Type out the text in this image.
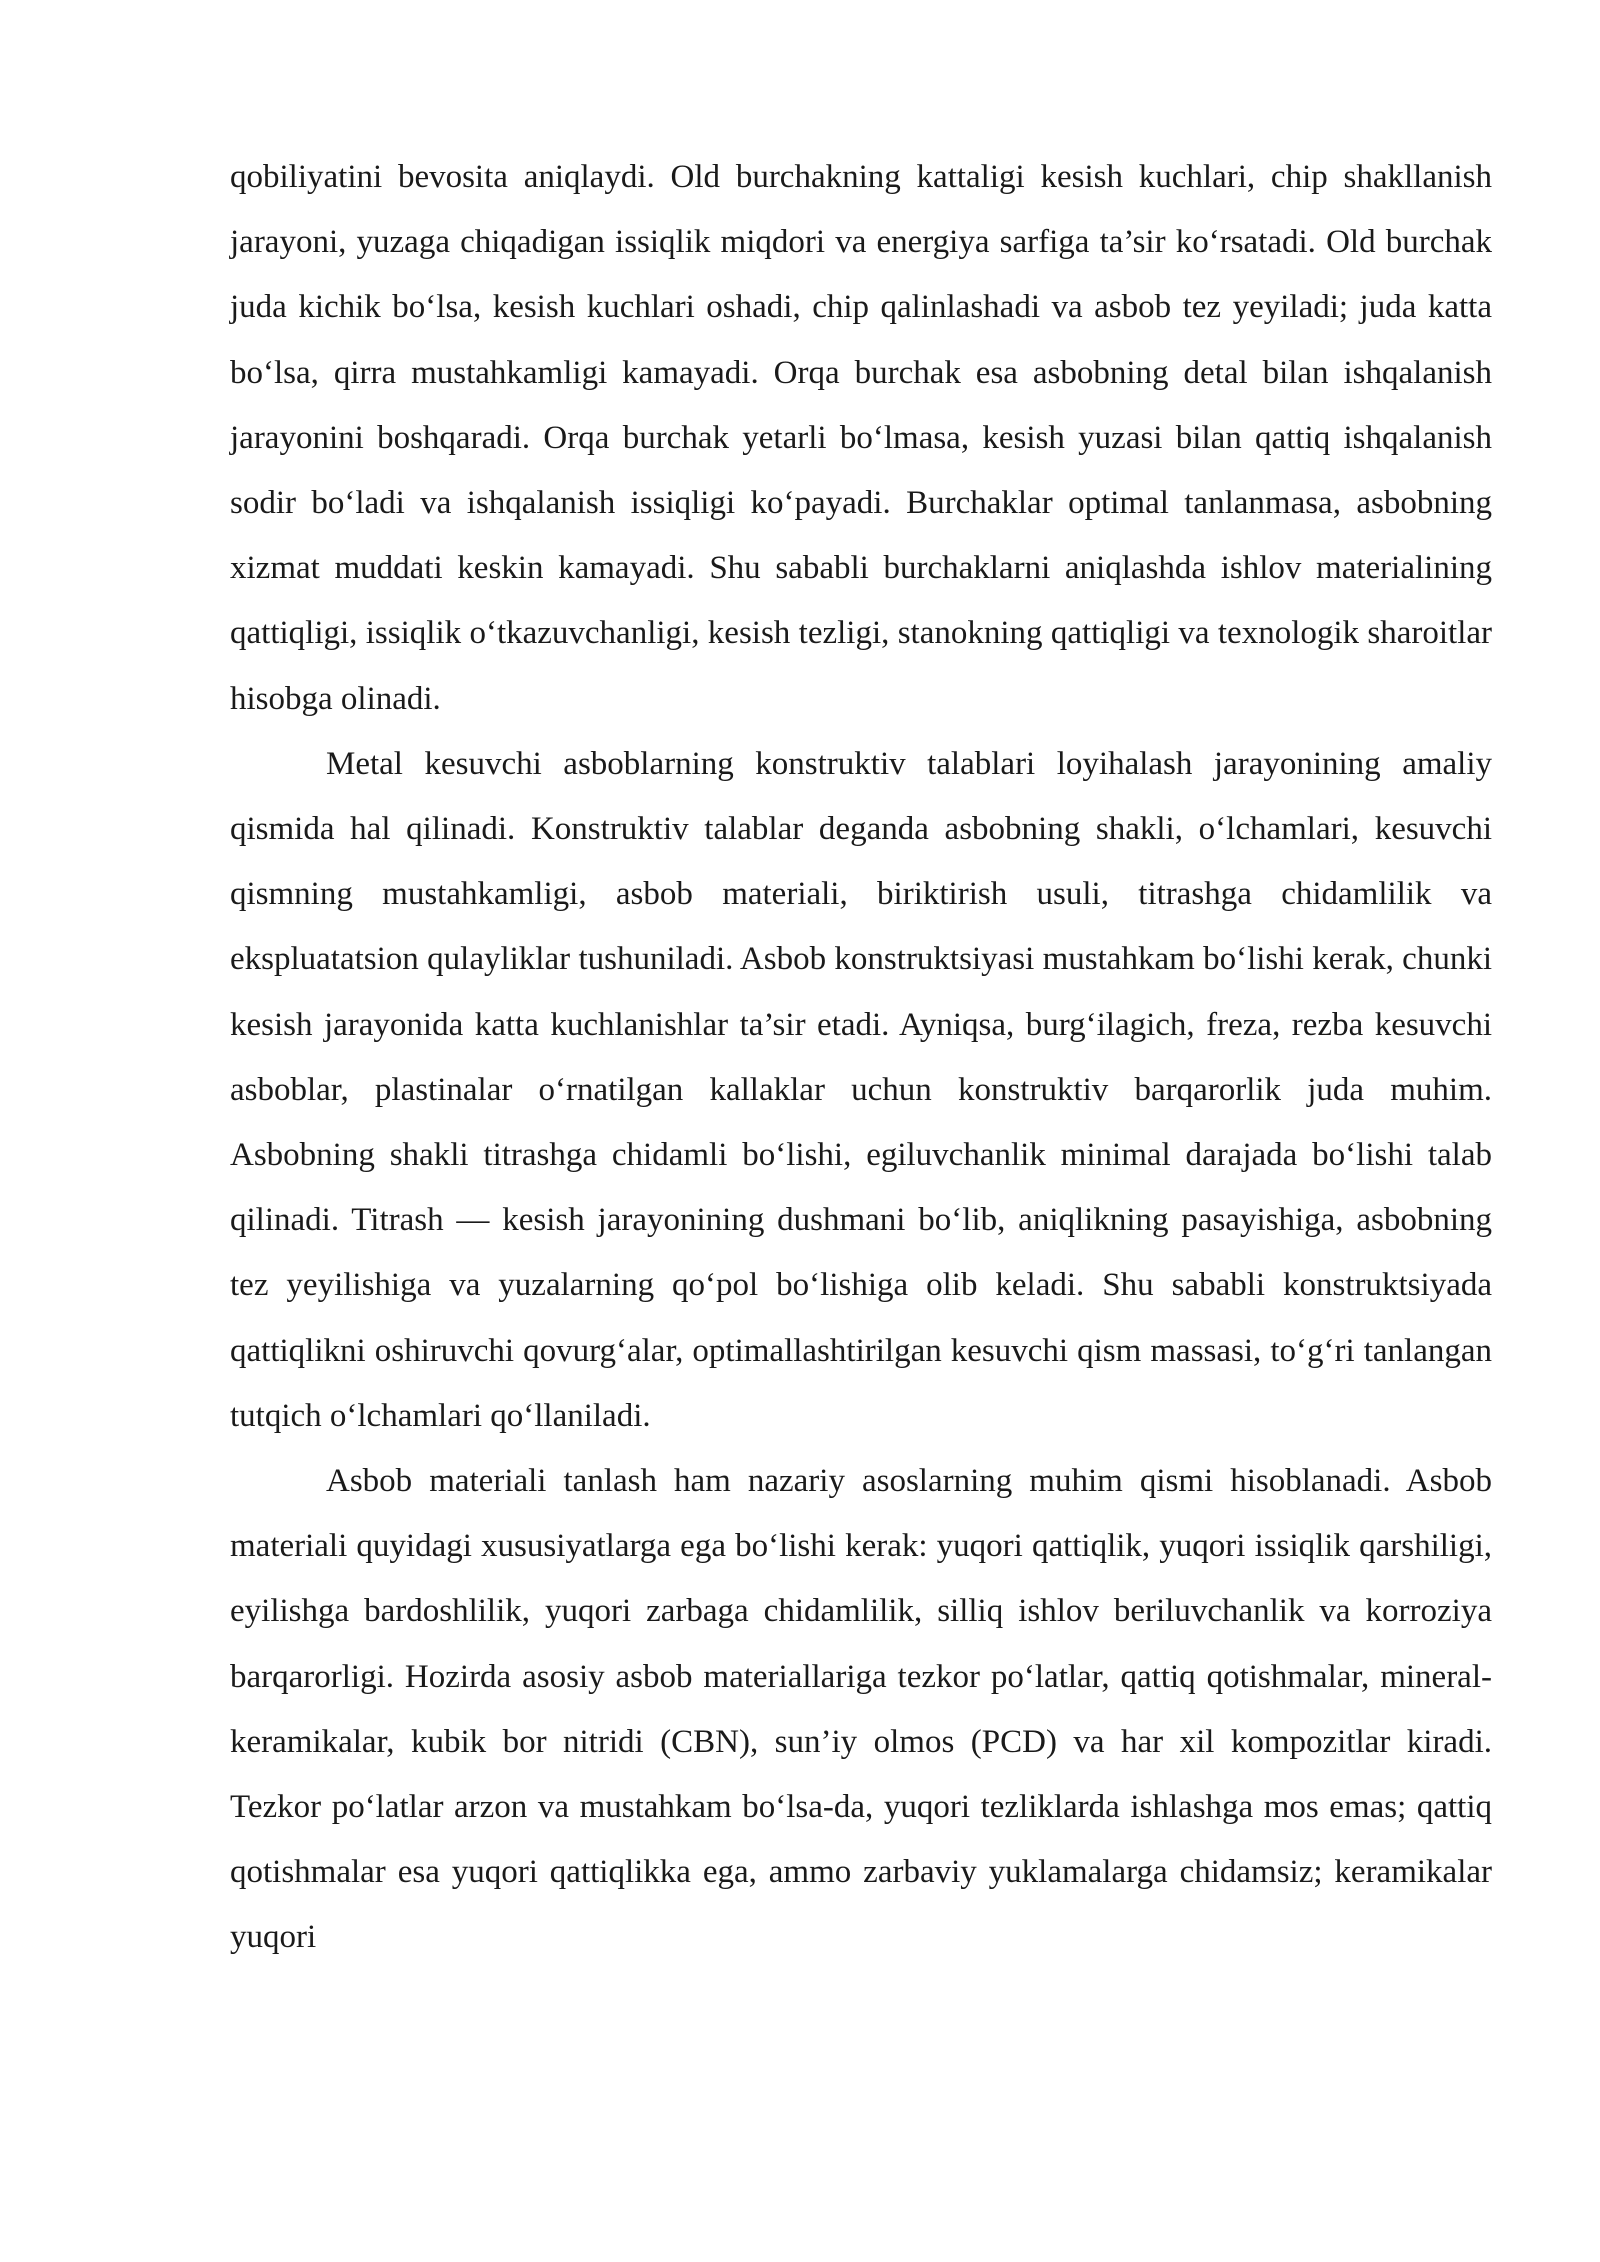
qobiliyatini bevosita aniqlaydi. Old burchakning kattaligi kesish kuchlari, chip shakllanish jarayoni, yuzaga chiqadigan issiqlik miqdori va energiya sarfiga ta’sir ko‘rsatadi. Old burchak juda kichik bo‘lsa, kesish kuchlari oshadi, chip qalinlashadi va asbob tez yeyiladi; juda katta bo‘lsa, qirra mustahkamligi kamayadi. Orqa burchak esa asbobning detal bilan ishqalanish jarayonini boshqaradi. Orqa burchak yetarli bo‘lmasa, kesish yuzasi bilan qattiq ishqalanish sodir bo‘ladi va ishqalanish issiqligi ko‘payadi. Burchaklar optimal tanlanmasa, asbobning xizmat muddati keskin kamayadi. Shu sababli burchaklarni aniqlashda ishlov materialining qattiqligi, issiqlik o‘tkazuvchanligi, kesish tezligi, stanokning qattiqligi va texnologik sharoitlar hisobga olinadi.

Metal kesuvchi asboblarning konstruktiv talablari loyihalash jarayonining amaliy qismida hal qilinadi. Konstruktiv talablar deganda asbobning shakli, o‘lchamlari, kesuvchi qismning mustahkamligi, asbob materiali, biriktirish usuli, titrashga chidamlilik va ekspluatatsion qulayliklar tushuniladi. Asbob konstruktsiyasi mustahkam bo‘lishi kerak, chunki kesish jarayonida katta kuchlanishlar ta’sir etadi. Ayniqsa, burg‘ilagich, freza, rezba kesuvchi asboblar, plastinalar o‘rnatilgan kallaklar uchun konstruktiv barqarorlik juda muhim. Asbobning shakli titrashga chidamli bo‘lishi, egiluvchanlik minimal darajada bo‘lishi talab qilinadi. Titrash — kesish jarayonining dushmani bo‘lib, aniqlikning pasayishiga, asbobning tez yeyilishiga va yuzalarning qo‘pol bo‘lishiga olib keladi. Shu sababli konstruktsiyada qattiqlikni oshiruvchi qovurg‘alar, optimallashtirilgan kesuvchi qism massasi, to‘g‘ri tanlangan tutqich o‘lchamlari qo‘llaniladi.

Asbob materiali tanlash ham nazariy asoslarning muhim qismi hisoblanadi. Asbob materiali quyidagi xususiyatlarga ega bo‘lishi kerak: yuqori qattiqlik, yuqori issiqlik qarshiligi, eyilishga bardoshlilik, yuqori zarbaga chidamlilik, silliq ishlov beriluvchanlik va korroziya barqarorligi. Hozirda asosiy asbob materiallariga tezkor po‘latlar, qattiq qotishmalar, mineral-keramikalar, kubik bor nitridi (CBN), sun’iy olmos (PCD) va har xil kompozitlar kiradi. Tezkor po‘latlar arzon va mustahkam bo‘lsa-da, yuqori tezliklarda ishlashga mos emas; qattiq qotishmalar esa yuqori qattiqlikka ega, ammo zarbaviy yuklamalarga chidamsiz; keramikalar yuqori
